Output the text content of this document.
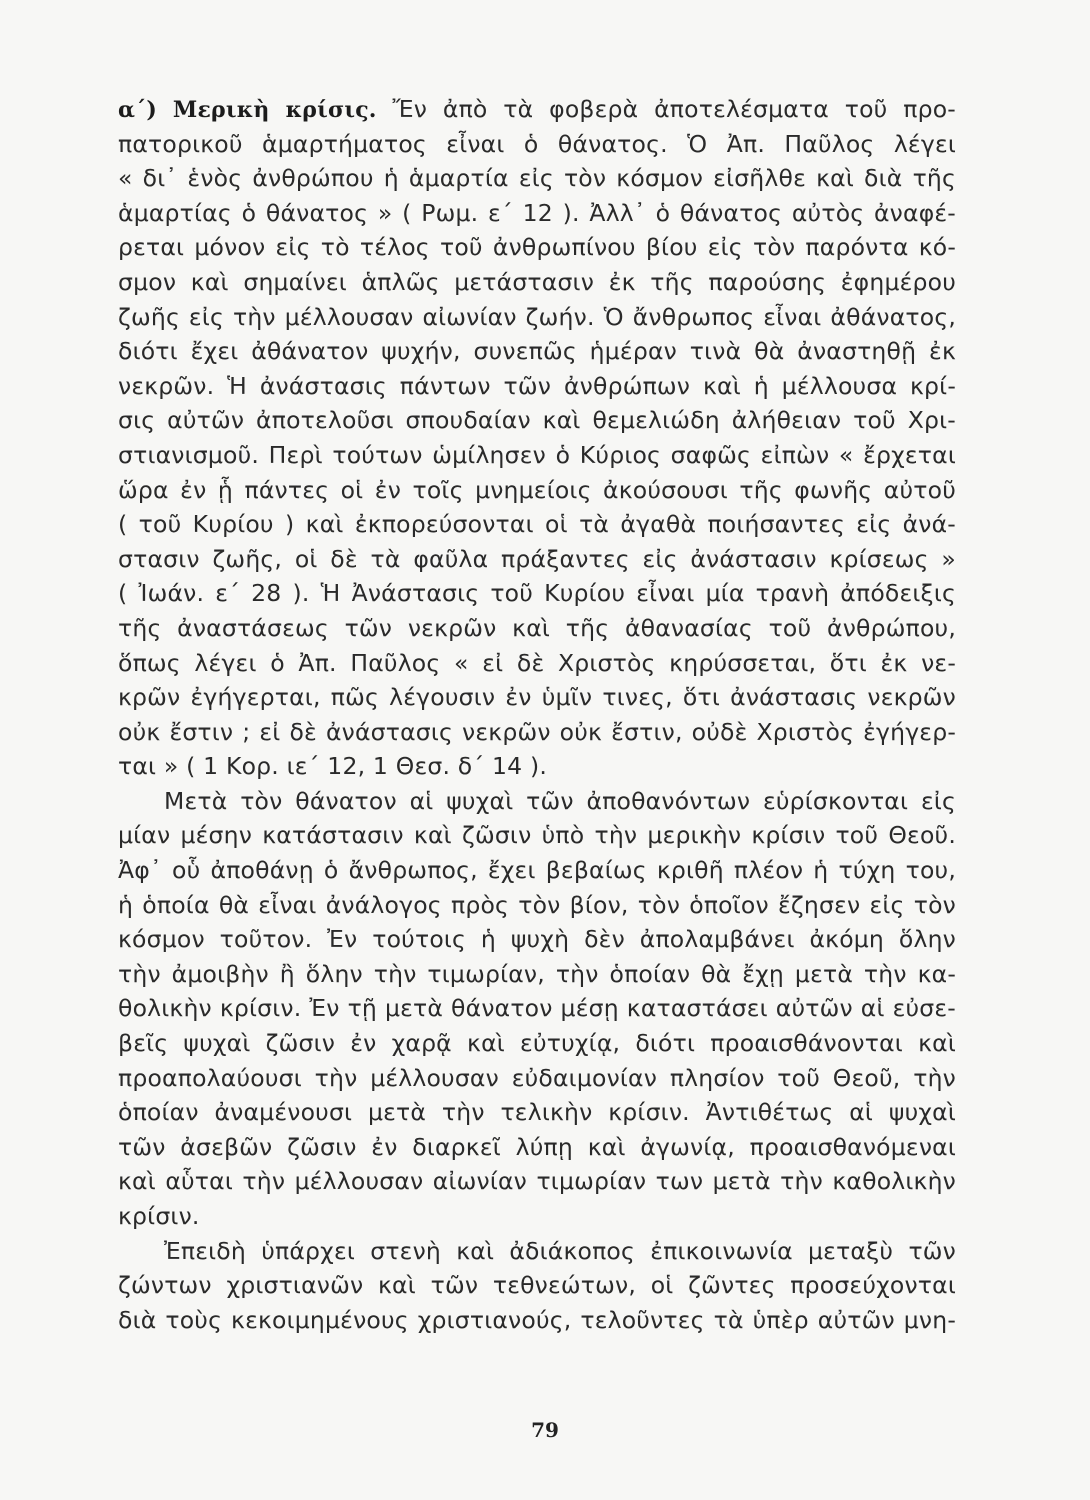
α΄) Μερικὴ κρίσις. Ἔν ἀπὸ τὰ φοβερὰ ἀποτελέσματα τοῦ προ-
πατορικοῦ ἁμαρτήματος εἶναι ὁ θάνατος. Ὁ Ἀπ. Παῦλος λέγει
« δι᾽ ἑνὸς ἀνθρώπου ἡ ἁμαρτία εἰς τὸν κόσμον εἰσῆλθε καὶ διὰ τῆς
ἁμαρτίας ὁ θάνατος » ( Ρωμ. ε΄ 12 ). Ἀλλ᾽ ὁ θάνατος αὐτὸς ἀναφέ-
ρεται μόνον εἰς τὸ τέλος τοῦ ἀνθρωπίνου βίου εἰς τὸν παρόντα κό-
σμον καὶ σημαίνει ἁπλῶς μετάστασιν ἐκ τῆς παρούσης ἐφημέρου
ζωῆς εἰς τὴν μέλλουσαν αἰωνίαν ζωήν. Ὁ ἄνθρωπος εἶναι ἀθάνατος,
διότι ἔχει ἀθάνατον ψυχήν, συνεπῶς ἡμέραν τινὰ θὰ ἀναστηθῇ ἐκ
νεκρῶν. Ἡ ἀνάστασις πάντων τῶν ἀνθρώπων καὶ ἡ μέλλουσα κρί-
σις αὐτῶν ἀποτελοῦσι σπουδαίαν καὶ θεμελιώδη ἀλήθειαν τοῦ Χρι-
στιανισμοῦ. Περὶ τούτων ὡμίλησεν ὁ Κύριος σαφῶς εἰπὼν « ἔρχεται
ὥρα ἐν ᾗ πάντες οἱ ἐν τοῖς μνημείοις ἀκούσουσι τῆς φωνῆς αὐτοῦ
( τοῦ Κυρίου ) καὶ ἐκπορεύσονται οἱ τὰ ἀγαθὰ ποιήσαντες εἰς ἀνά-
στασιν ζωῆς, οἱ δὲ τὰ φαῦλα πράξαντες εἰς ἀνάστασιν κρίσεως »
( Ἰωάν. ε΄ 28 ). Ἡ Ἀνάστασις τοῦ Κυρίου εἶναι μία τρανὴ ἀπόδειξις
τῆς ἀναστάσεως τῶν νεκρῶν καὶ τῆς ἀθανασίας τοῦ ἀνθρώπου,
ὅπως λέγει ὁ Ἀπ. Παῦλος « εἰ δὲ Χριστὸς κηρύσσεται, ὅτι ἐκ νε-
κρῶν ἐγήγερται, πῶς λέγουσιν ἐν ὑμῖν τινες, ὅτι ἀνάστασις νεκρῶν
οὐκ ἔστιν ; εἰ δὲ ἀνάστασις νεκρῶν οὐκ ἔστιν, οὐδὲ Χριστὸς ἐγήγερ-
ται » ( 1 Κορ. ιε΄ 12, 1 Θεσ. δ΄ 14 ).
Μετὰ τὸν θάνατον αἱ ψυχαὶ τῶν ἀποθανόντων εὑρίσκονται εἰς
μίαν μέσην κατάστασιν καὶ ζῶσιν ὑπὸ τὴν μερικὴν κρίσιν τοῦ Θεοῦ.
Ἀφ᾽ οὗ ἀποθάνῃ ὁ ἄνθρωπος, ἔχει βεβαίως κριθῆ πλέον ἡ τύχη του,
ἡ ὁποία θὰ εἶναι ἀνάλογος πρὸς τὸν βίον, τὸν ὁποῖον ἔζησεν εἰς τὸν
κόσμον τοῦτον. Ἐν τούτοις ἡ ψυχὴ δὲν ἀπολαμβάνει ἀκόμη ὅλην
τὴν ἀμοιβὴν ἢ ὅλην τὴν τιμωρίαν, τὴν ὁποίαν θὰ ἔχῃ μετὰ τὴν κα-
θολικὴν κρίσιν. Ἐν τῇ μετὰ θάνατον μέσῃ καταστάσει αὐτῶν αἱ εὐσε-
βεῖς ψυχαὶ ζῶσιν ἐν χαρᾷ καὶ εὐτυχίᾳ, διότι προαισθάνονται καὶ
προαπολαύουσι τὴν μέλλουσαν εὐδαιμονίαν πλησίον τοῦ Θεοῦ, τὴν
ὁποίαν ἀναμένουσι μετὰ τὴν τελικὴν κρίσιν. Ἀντιθέτως αἱ ψυχαὶ
τῶν ἀσεβῶν ζῶσιν ἐν διαρκεῖ λύπῃ καὶ ἀγωνίᾳ, προαισθανόμεναι
καὶ αὗται τὴν μέλλουσαν αἰωνίαν τιμωρίαν των μετὰ τὴν καθολικὴν
κρίσιν.
Ἐπειδὴ ὑπάρχει στενὴ καὶ ἀδιάκοπος ἐπικοινωνία μεταξὺ τῶν
ζώντων χριστιανῶν καὶ τῶν τεθνεώτων, οἱ ζῶντες προσεύχονται
διὰ τοὺς κεκοιμημένους χριστιανούς, τελοῦντες τὰ ὑπὲρ αὐτῶν μνη-
79
